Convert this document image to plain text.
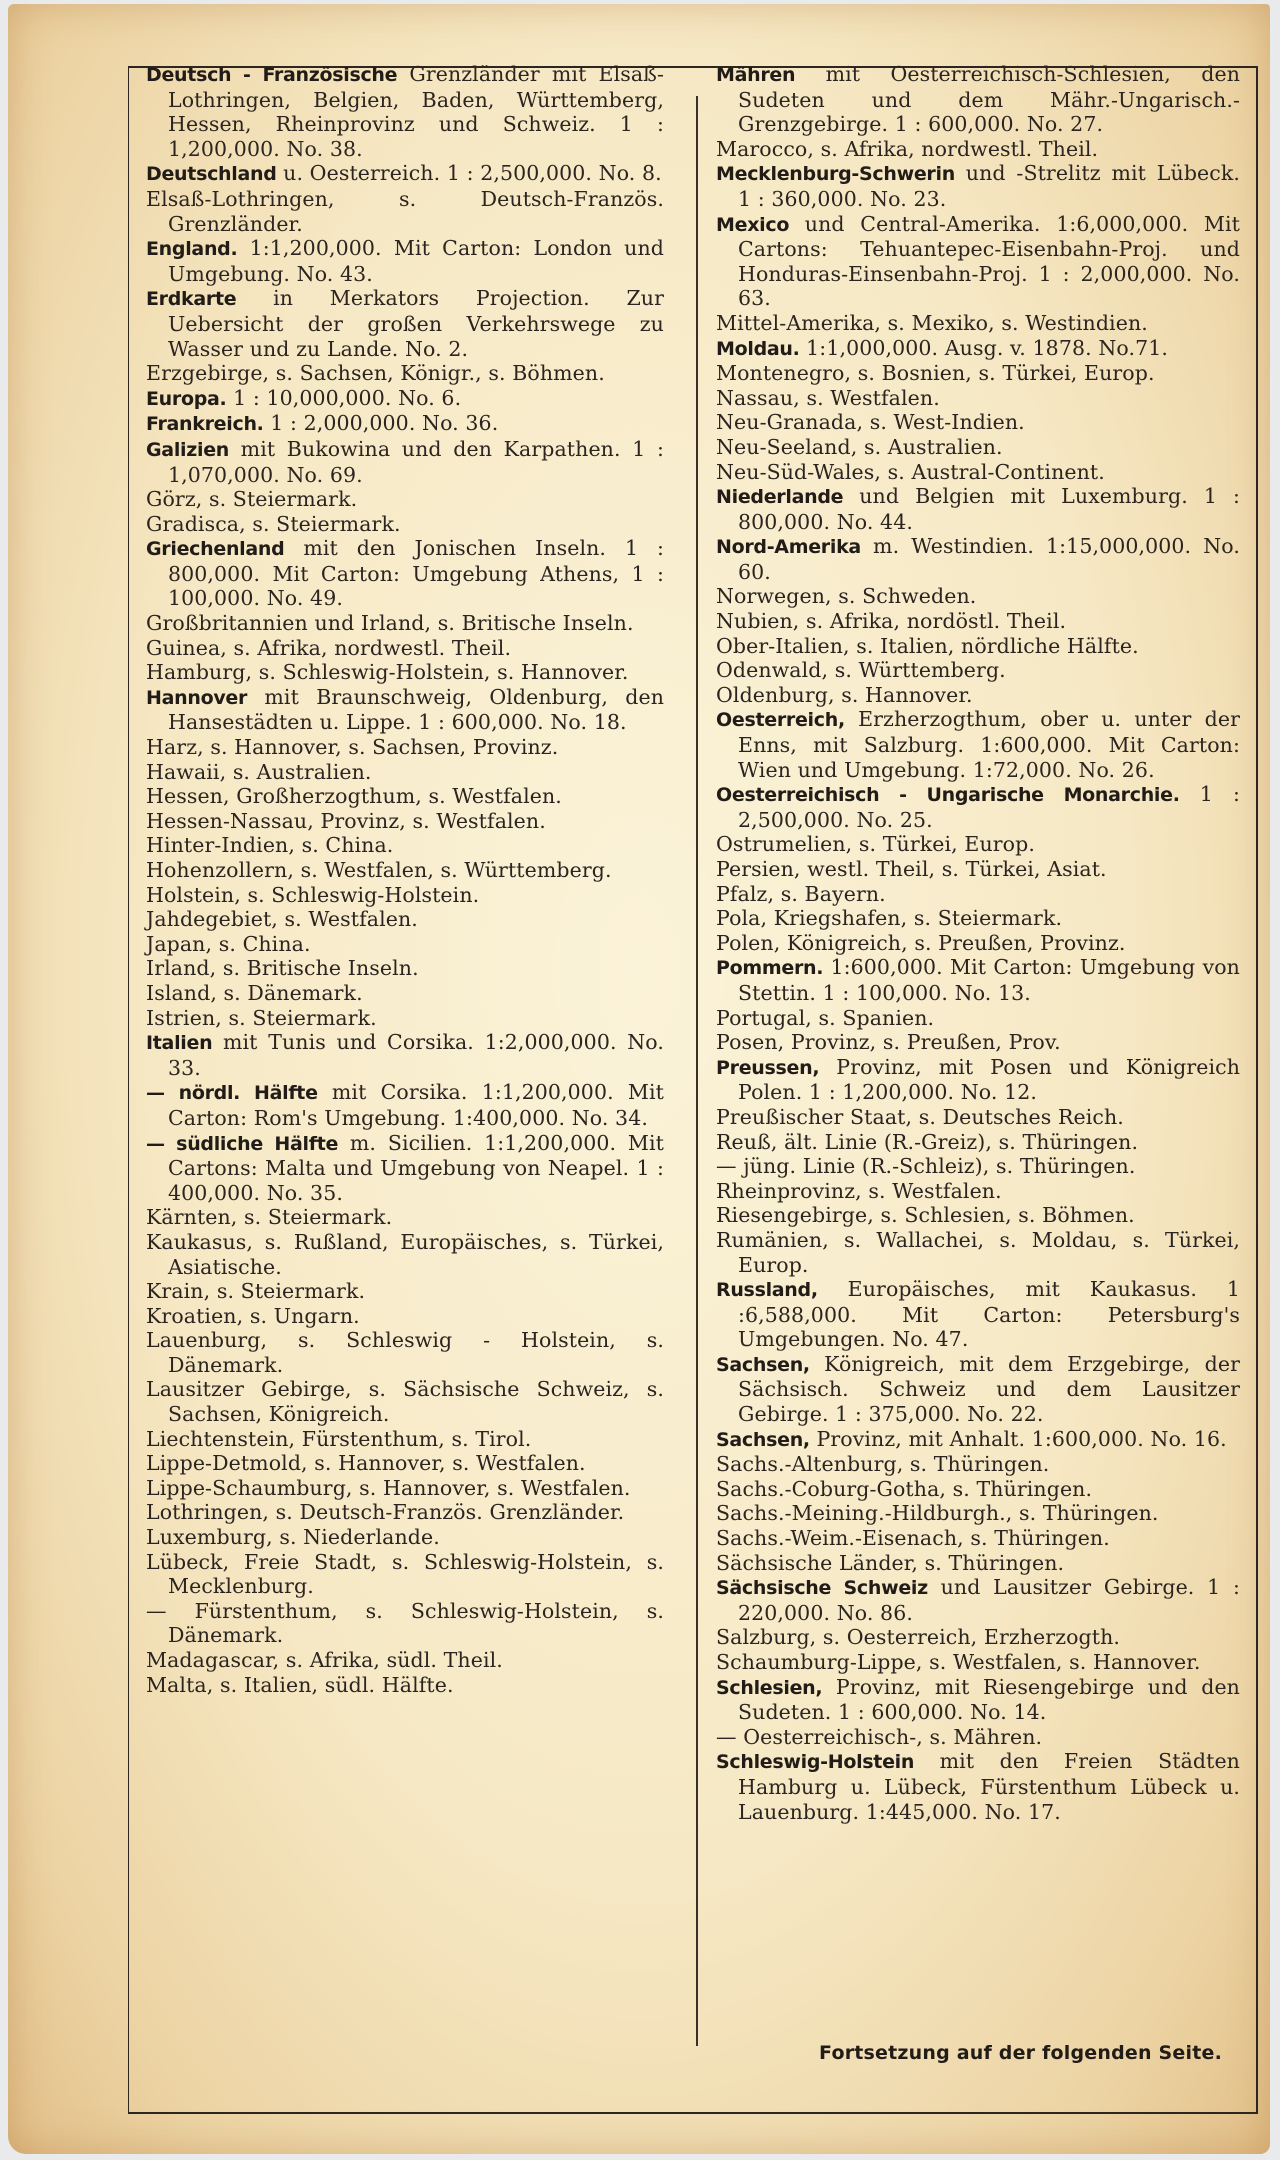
Deutsch - Französische Grenzländer mit Elsaß-Lothringen, Belgien, Baden, Württemberg, Hessen, Rheinprovinz und Schweiz. 1 : 1,200,000. No. 38.

Deutschland u. Oesterreich. 1 : 2,500,000. No. 8.

Elsaß-Lothringen, s. Deutsch-Französ. Grenzländer.

England. 1:1,200,000. Mit Carton: London und Umgebung. No. 43.

Erdkarte in Merkators Projection. Zur Uebersicht der großen Verkehrswege zu Wasser und zu Lande. No. 2.

Erzgebirge, s. Sachsen, Königr., s. Böhmen.

Europa. 1 : 10,000,000. No. 6.

Frankreich. 1 : 2,000,000. No. 36.

Galizien mit Bukowina und den Karpathen. 1 : 1,070,000. No. 69.

Görz, s. Steiermark.

Gradisca, s. Steiermark.

Griechenland mit den Jonischen Inseln. 1 : 800,000. Mit Carton: Umgebung Athens, 1 : 100,000. No. 49.

Großbritannien und Irland, s. Britische Inseln.

Guinea, s. Afrika, nordwestl. Theil.

Hamburg, s. Schleswig-Holstein, s. Hannover.

Hannover mit Braunschweig, Oldenburg, den Hansestädten u. Lippe. 1 : 600,000. No. 18.

Harz, s. Hannover, s. Sachsen, Provinz.

Hawaii, s. Australien.

Hessen, Großherzogthum, s. Westfalen.

Hessen-Nassau, Provinz, s. Westfalen.

Hinter-Indien, s. China.

Hohenzollern, s. Westfalen, s. Württemberg.

Holstein, s. Schleswig-Holstein.

Jahdegebiet, s. Westfalen.

Japan, s. China.

Irland, s. Britische Inseln.

Island, s. Dänemark.

Istrien, s. Steiermark.

Italien mit Tunis und Corsika. 1:2,000,000. No. 33.

— nördl. Hälfte mit Corsika. 1:1,200,000. Mit Carton: Rom's Umgebung. 1:400,000. No. 34.

— südliche Hälfte m. Sicilien. 1:1,200,000. Mit Cartons: Malta und Umgebung von Neapel. 1 : 400,000. No. 35.

Kärnten, s. Steiermark.

Kaukasus, s. Rußland, Europäisches, s. Türkei, Asiatische.

Krain, s. Steiermark.

Kroatien, s. Ungarn.

Lauenburg, s. Schleswig - Holstein, s. Dänemark.

Lausitzer Gebirge, s. Sächsische Schweiz, s. Sachsen, Königreich.

Liechtenstein, Fürstenthum, s. Tirol.

Lippe-Detmold, s. Hannover, s. Westfalen.

Lippe-Schaumburg, s. Hannover, s. Westfalen.

Lothringen, s. Deutsch-Französ. Grenzländer.

Luxemburg, s. Niederlande.

Lübeck, Freie Stadt, s. Schleswig-Holstein, s. Mecklenburg.

— Fürstenthum, s. Schleswig-Holstein, s. Dänemark.

Madagascar, s. Afrika, südl. Theil.

Malta, s. Italien, südl. Hälfte.

Mähren mit Oesterreichisch-Schlesien, den Sudeten und dem Mähr.-Ungarisch.-Grenzgebirge. 1 : 600,000. No. 27.

Marocco, s. Afrika, nordwestl. Theil.

Mecklenburg-Schwerin und -Strelitz mit Lübeck. 1 : 360,000. No. 23.

Mexico und Central-Amerika. 1:6,000,000. Mit Cartons: Tehuantepec-Eisenbahn-Proj. und Honduras-Einsenbahn-Proj. 1 : 2,000,000. No. 63.

Mittel-Amerika, s. Mexiko, s. Westindien.

Moldau. 1:1,000,000. Ausg. v. 1878. No.71.

Montenegro, s. Bosnien, s. Türkei, Europ.

Nassau, s. Westfalen.

Neu-Granada, s. West-Indien.

Neu-Seeland, s. Australien.

Neu-Süd-Wales, s. Austral-Continent.

Niederlande und Belgien mit Luxemburg. 1 : 800,000. No. 44.

Nord-Amerika m. Westindien. 1:15,000,000. No. 60.

Norwegen, s. Schweden.

Nubien, s. Afrika, nordöstl. Theil.

Ober-Italien, s. Italien, nördliche Hälfte.

Odenwald, s. Württemberg.

Oldenburg, s. Hannover.

Oesterreich, Erzherzogthum, ober u. unter der Enns, mit Salzburg. 1:600,000. Mit Carton: Wien und Umgebung. 1:72,000. No. 26.

Oesterreichisch - Ungarische Monarchie. 1 : 2,500,000. No. 25.

Ostrumelien, s. Türkei, Europ.

Persien, westl. Theil, s. Türkei, Asiat.

Pfalz, s. Bayern.

Pola, Kriegshafen, s. Steiermark.

Polen, Königreich, s. Preußen, Provinz.

Pommern. 1:600,000. Mit Carton: Umgebung von Stettin. 1 : 100,000. No. 13.

Portugal, s. Spanien.

Posen, Provinz, s. Preußen, Prov.

Preussen, Provinz, mit Posen und Königreich Polen. 1 : 1,200,000. No. 12.

Preußischer Staat, s. Deutsches Reich.

Reuß, ält. Linie (R.-Greiz), s. Thüringen.

— jüng. Linie (R.-Schleiz), s. Thüringen.

Rheinprovinz, s. Westfalen.

Riesengebirge, s. Schlesien, s. Böhmen.

Rumänien, s. Wallachei, s. Moldau, s. Türkei, Europ.

Russland, Europäisches, mit Kaukasus. 1 :6,588,000. Mit Carton: Petersburg's Umgebungen. No. 47.

Sachsen, Königreich, mit dem Erzgebirge, der Sächsisch. Schweiz und dem Lausitzer Gebirge. 1 : 375,000. No. 22.

Sachsen, Provinz, mit Anhalt. 1:600,000. No. 16.

Sachs.-Altenburg, s. Thüringen.

Sachs.-Coburg-Gotha, s. Thüringen.

Sachs.-Meining.-Hildburgh., s. Thüringen.

Sachs.-Weim.-Eisenach, s. Thüringen.

Sächsische Länder, s. Thüringen.

Sächsische Schweiz und Lausitzer Gebirge. 1 : 220,000. No. 86.

Salzburg, s. Oesterreich, Erzherzogth.

Schaumburg-Lippe, s. Westfalen, s. Hannover.

Schlesien, Provinz, mit Riesengebirge und den Sudeten. 1 : 600,000. No. 14.

— Oesterreichisch-, s. Mähren.

Schleswig-Holstein mit den Freien Städten Hamburg u. Lübeck, Fürstenthum Lübeck u. Lauenburg. 1:445,000. No. 17.

Fortsetzung auf der folgenden Seite.
